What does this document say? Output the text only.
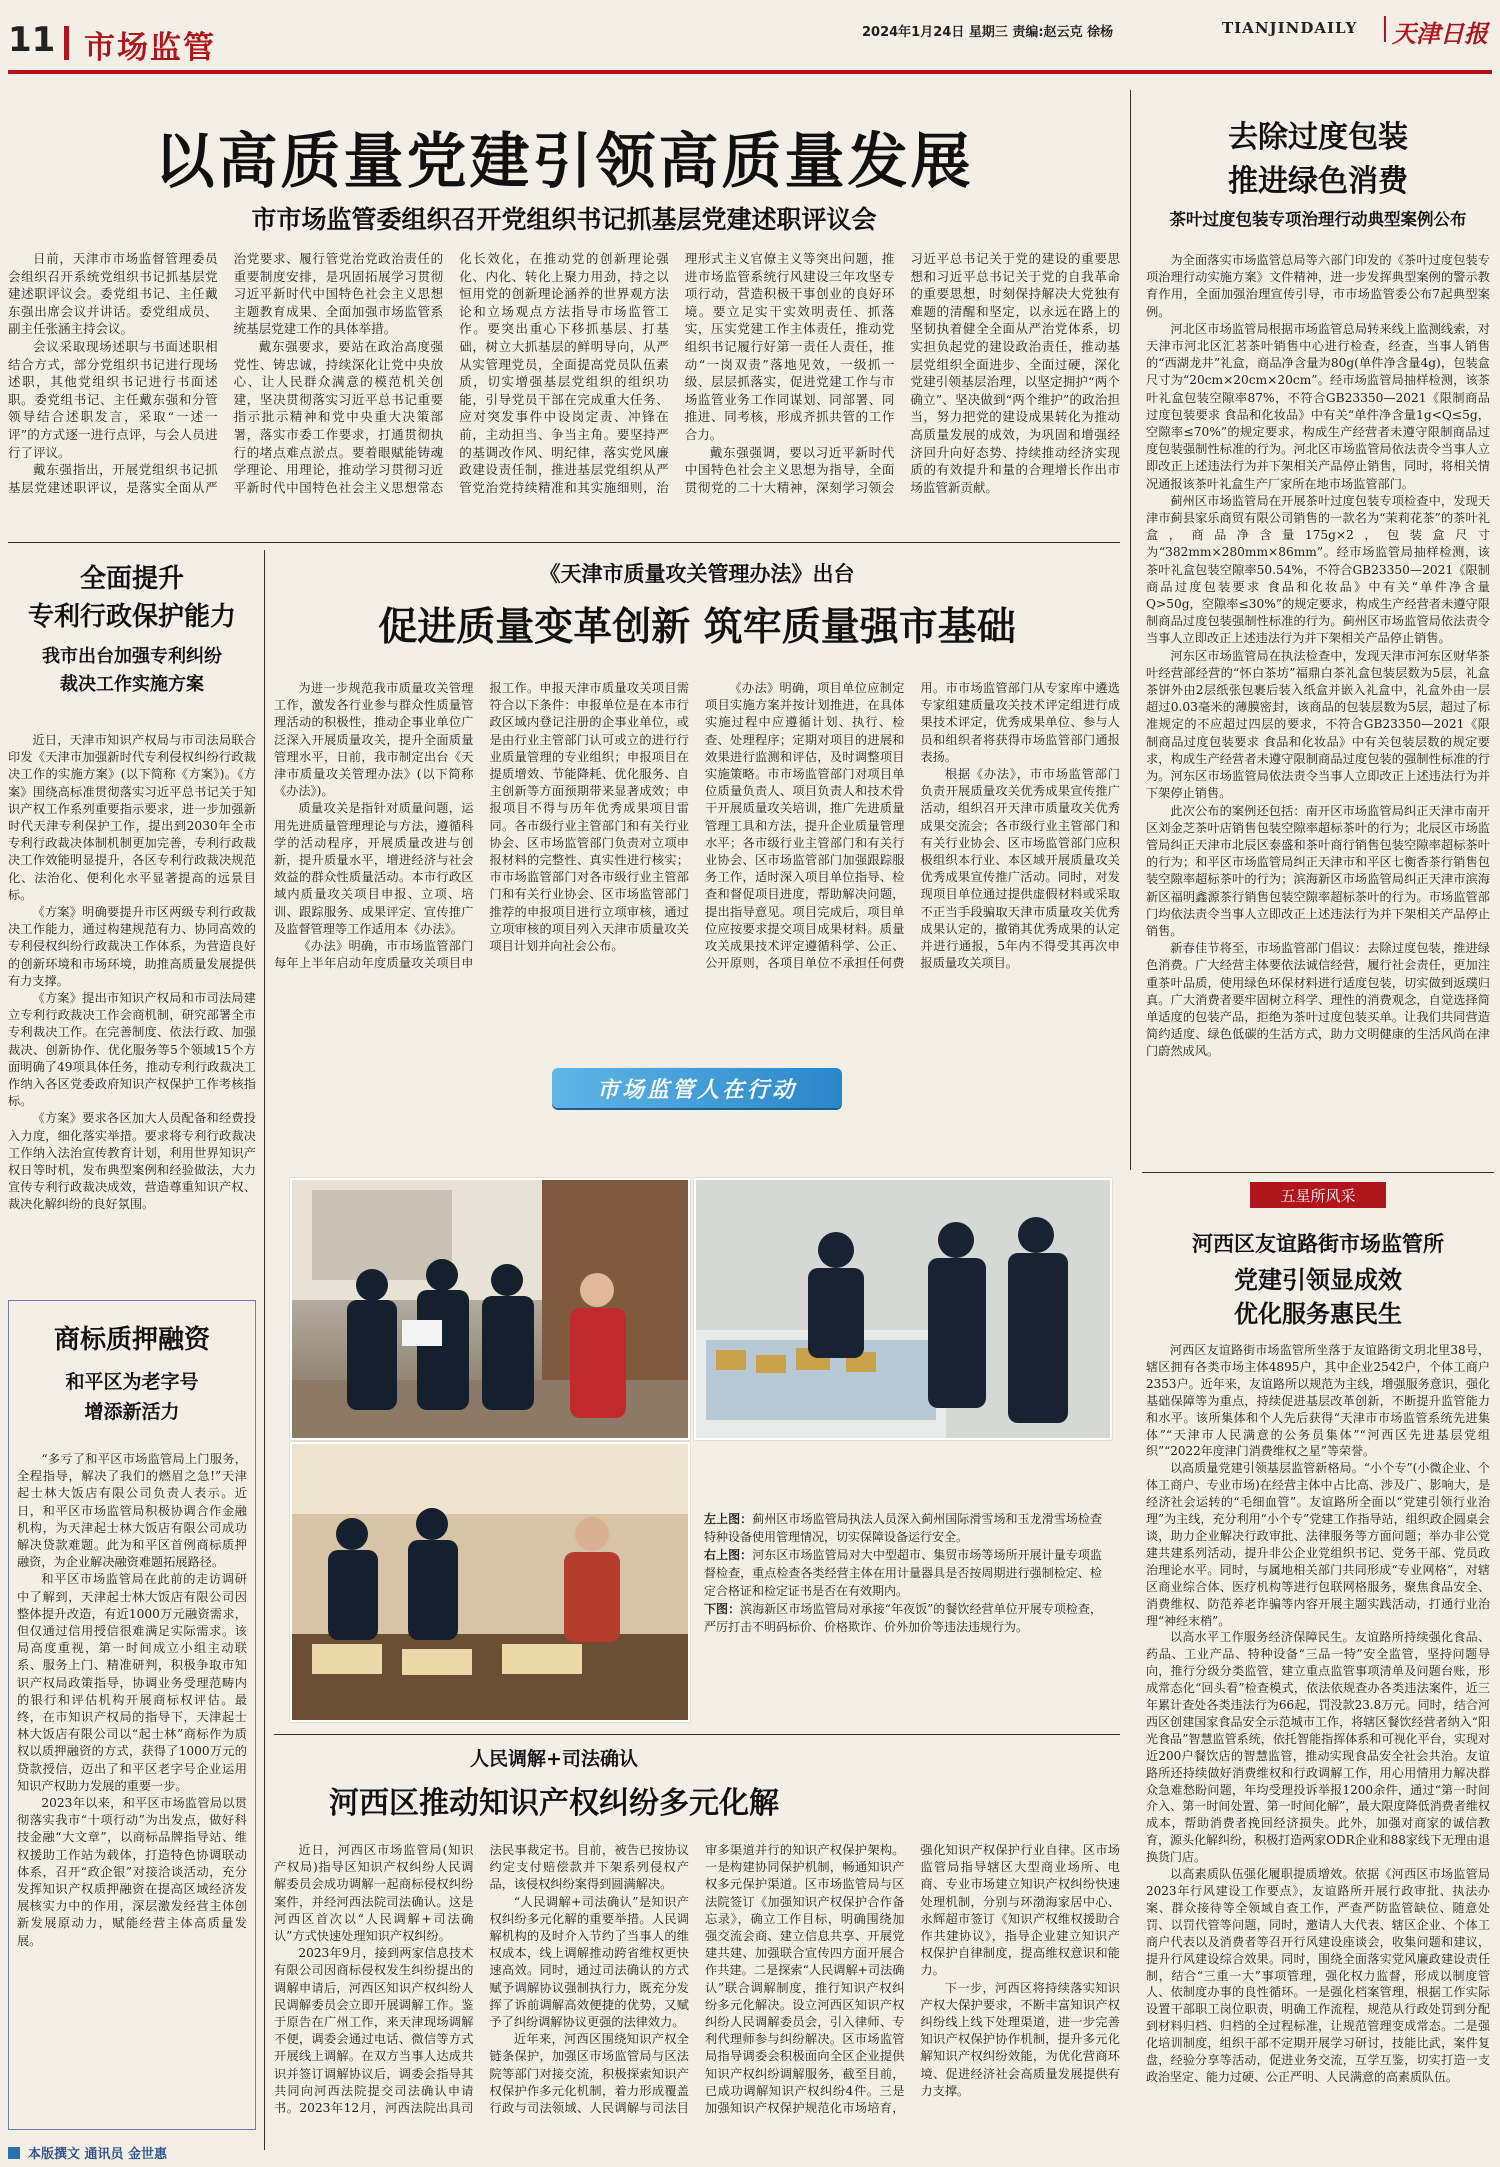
11 市场监管	2024年1月24日 星期三 责编:赵云克 徐杨	TIANJINDAILY 天津日报
以高质量党建引领高质量发展
市市场监管委组织召开党组织书记抓基层党建述职评议会

日前，天津市市场监督管理委员会组织召开系统党组织书记抓基层党建述职评议会。委党组书记、主任戴东强出席会议并讲话。委党组成员、副主任张涵主持会议。

会议采取现场述职与书面述职相结合方式，部分党组织书记进行现场述职，其他党组织书记进行书面述职。委党组书记、主任戴东强和分管领导结合述职发言，采取“一述一评”的方式逐一进行点评，与会人员进行了评议。

戴东强指出，开展党组织书记抓基层党建述职评议，是落实全面从严治党要求、履行管党治党政治责任的重要制度安排，是巩固拓展学习贯彻习近平新时代中国特色社会主义思想主题教育成果、全面加强市场监管系统基层党建工作的具体举措。

戴东强要求，要站在政治高度强党性、铸忠诚，持续深化让党中央放心、让人民群众满意的模范机关创建，坚决贯彻落实习近平总书记重要指示批示精神和党中央重大决策部署，落实市委工作要求，打通贯彻执行的堵点难点淤点。要着眼赋能铸魂学理论、用理论，推动学习贯彻习近平新时代中国特色社会主义思想常态化长效化，在推动党的创新理论强化、内化、转化上聚力用劲，持之以恒用党的创新理论涵养的世界观方法论和立场观点方法指导市场监管工作。要突出重心下移抓基层、打基础，树立大抓基层的鲜明导向，从严从实管理党员，全面提高党员队伍素质，切实增强基层党组织的组织功能，引导党员干部在完成重大任务、应对突发事件中设岗定责、冲锋在前，主动担当、争当主角。要坚持严的基调改作风、明纪律，落实党风廉政建设责任制，推进基层党组织从严管党治党持续精准和其实施细则，治理形式主义官僚主义等突出问题，推进市场监管系统行风建设三年攻坚专项行动，营造积极干事创业的良好环境。要立足实干实效明责任、抓落实，压实党建工作主体责任，推动党组织书记履行好第一责任人责任，推动“一岗双责”落地见效，一级抓一级、层层抓落实，促进党建工作与市场监管业务工作同谋划、同部署、同推进、同考核，形成齐抓共管的工作合力。

戴东强强调，要以习近平新时代中国特色社会主义思想为指导，全面贯彻党的二十大精神，深刻学习领会习近平总书记关于党的建设的重要思想和习近平总书记关于党的自我革命的重要思想，时刻保持解决大党独有难题的清醒和坚定，以永远在路上的坚韧执着健全全面从严治党体系，切实担负起党的建设政治责任，推动基层党组织全面进步、全面过硬，深化党建引领基层治理，以坚定拥护“两个确立”、坚决做到“两个维护”的政治担当，努力把党的建设成果转化为推动高质量发展的成效，为巩固和增强经济回升向好态势、持续推动经济实现质的有效提升和量的合理增长作出市场监管新贡献。

去除过度包装
推进绿色消费
茶叶过度包装专项治理行动典型案例公布

为全面落实市场监管总局等六部门印发的《茶叶过度包装专项治理行动实施方案》文件精神，进一步发挥典型案例的警示教育作用，全面加强治理宣传引导，市市场监管委公布7起典型案例。

河北区市场监管局根据市场监管总局转来线上监测线索，对天津市河北区汇茗茶叶销售中心进行检查，经查，当事人销售的“西湖龙井”礼盒，商品净含量为80g(单件净含量4g)，包装盒尺寸为“20cm×20cm×20cm”。经市场监管局抽样检测，该茶叶礼盒包装空隙率87%，不符合GB23350—2021《限制商品过度包装要求 食品和化妆品》中有关“单件净含量1g<Q≤5g，空隙率≤70%”的规定要求，构成生产经营者未遵守限制商品过度包装强制性标准的行为。河北区市场监管局依法责令当事人立即改正上述违法行为并下架相关产品停止销售，同时，将相关情况通报该茶叶礼盒生产厂家所在地市场监管部门。

蓟州区市场监管局在开展茶叶过度包装专项检查中，发现天津市蓟县家乐商贸有限公司销售的一款名为“茉莉花茶”的茶叶礼盒，商品净含量175g×2，包装盒尺寸为“382mm×280mm×86mm”。经市场监管局抽样检测，该茶叶礼盒包装空隙率50.54%，不符合GB23350—2021《限制商品过度包装要求 食品和化妆品》中有关“单件净含量Q>50g，空隙率≤30%”的规定要求，构成生产经营者未遵守限制商品过度包装强制性标准的行为。蓟州区市场监管局依法责令当事人立即改正上述违法行为并下架相关产品停止销售。

河东区市场监管局在执法检查中，发现天津市河东区财华茶叶经营部经营的“怀白茶坊”福鼎白茶礼盒包装层数为5层，礼盒茶饼外由2层纸张包裹后装入纸盒并嵌入礼盒中，礼盒外由一层超过0.03毫米的薄膜密封，该商品的包装层数为5层，超过了标准规定的不应超过四层的要求，不符合GB23350—2021《限制商品过度包装要求 食品和化妆品》中有关包装层数的规定要求，构成生产经营者未遵守限制商品过度包装的强制性标准的行为。河东区市场监管局依法责令当事人立即改正上述违法行为并下架停止销售。

此次公布的案例还包括：南开区市场监管局纠正天津市南开区刘金芝茶叶店销售包装空隙率超标茶叶的行为；北辰区市场监管局纠正天津市北辰区泰盛和茶叶商行销售包装空隙率超标茶叶的行为；和平区市场监管局纠正天津市和平区七衡香茶行销售包装空隙率超标茶叶的行为；滨海新区市场监管局纠正天津市滨海新区福明鑫源茶行销售包装空隙率超标茶叶的行为。市场监管部门均依法责令当事人立即改正上述违法行为并下架相关产品停止销售。

新春佳节将至，市场监管部门倡议：去除过度包装，推进绿色消费。广大经营主体要依法诚信经营，履行社会责任，更加注重茶叶品质，使用绿色环保材料进行适度包装，切实做到返璞归真。广大消费者要牢固树立科学、理性的消费观念，自觉选择简单适度的包装产品，拒绝为茶叶过度包装买单。让我们共同营造简约适度、绿色低碳的生活方式，助力文明健康的生活风尚在津门蔚然成风。

全面提升
专利行政保护能力
我市出台加强专利纠纷
裁决工作实施方案

近日，天津市知识产权局与市司法局联合印发《天津市加强新时代专利侵权纠纷行政裁决工作的实施方案》(以下简称《方案》)。《方案》围绕高标准贯彻落实习近平总书记关于知识产权工作系列重要指示要求，进一步加强新时代天津专利保护工作，提出到2030年全市专利行政裁决体制机制更加完善，专利行政裁决工作效能明显提升，各区专利行政裁决规范化、法治化、便利化水平显著提高的远景目标。

《方案》明确要提升市区两级专利行政裁决工作能力，通过构建规范有力、协同高效的专利侵权纠纷行政裁决工作体系，为营造良好的创新环境和市场环境，助推高质量发展提供有力支撑。

《方案》提出市知识产权局和市司法局建立专利行政裁决工作会商机制，研究部署全市专利裁决工作。在完善制度、依法行政、加强裁决、创新协作、优化服务等5个领域15个方面明确了49项具体任务，推动专利行政裁决工作纳入各区党委政府知识产权保护工作考核指标。

《方案》要求各区加大人员配备和经费投入力度，细化落实举措。要求将专利行政裁决工作纳入法治宣传教育计划，利用世界知识产权日等时机，发布典型案例和经验做法，大力宣传专利行政裁决成效，营造尊重知识产权、裁决化解纠纷的良好氛围。

《天津市质量攻关管理办法》出台
促进质量变革创新 筑牢质量强市基础

为进一步规范我市质量攻关管理工作，激发各行业参与群众性质量管理活动的积极性，推动企事业单位广泛深入开展质量攻关，提升全面质量管理水平，日前，我市制定出台《天津市质量攻关管理办法》(以下简称《办法》)。

质量攻关是指针对质量问题，运用先进质量管理理论与方法，遵循科学的活动程序，开展质量改进与创新，提升质量水平，增进经济与社会效益的群众性质量活动。本市行政区域内质量攻关项目申报、立项、培训、跟踪服务、成果评定、宣传推广及监督管理等工作适用本《办法》。

《办法》明确，市市场监管部门每年上半年启动年度质量攻关项目申报工作。申报天津市质量攻关项目需符合以下条件：申报单位是在本市行政区域内登记注册的企事业单位，或是由行业主管部门认可或立的进行行业质量管理的专业组织；申报项目在提质增效、节能降耗、优化服务、自主创新等方面预期带来显著成效；申报项目不得与历年优秀成果项目雷同。各市级行业主管部门和有关行业协会、区市场监管部门负责对立项申报材料的完整性、真实性进行核实；市市场监管部门对各市级行业主管部门和有关行业协会、区市场监管部门推荐的申报项目进行立项审核，通过立项审核的项目列入天津市质量攻关项目计划并向社会公布。

《办法》明确，项目单位应制定项目实施方案并按计划推进，在具体实施过程中应遵循计划、执行、检查、处理程序；定期对项目的进展和效果进行监测和评估，及时调整项目实施策略。市市场监管部门对项目单位质量负责人、项目负责人和技术骨干开展质量攻关培训，推广先进质量管理工具和方法，提升企业质量管理水平；各市级行业主管部门和有关行业协会、区市场监管部门加强跟踪服务工作，适时深入项目单位指导、检查和督促项目进度，帮助解决问题，提出指导意见。项目完成后，项目单位应按要求提交项目成果材料。质量攻关成果技术评定遵循科学、公正、公开原则，各项目单位不承担任何费用。市市场监管部门从专家库中遴选专家组建质量攻关技术评定组进行成果技术评定，优秀成果单位、参与人员和组织者将获得市场监管部门通报表扬。

根据《办法》，市市场监管部门负责开展质量攻关优秀成果宣传推广活动，组织召开天津市质量攻关优秀成果交流会；各市级行业主管部门和有关行业协会、区市场监管部门应积极组织本行业、本区域开展质量攻关优秀成果宣传推广活动。同时，对发现项目单位通过提供虚假材料或采取不正当手段骗取天津市质量攻关优秀成果认定的，撤销其优秀成果的认定并进行通报，5年内不得受其再次申报质量攻关项目。

市场监管人在行动
左上图：蓟州区市场监管局执法人员深入蓟州国际滑雪场和玉龙滑雪场检查特种设备使用管理情况，切实保障设备运行安全。
右上图：河东区市场监管局对大中型超市、集贸市场等场所开展计量专项监督检查，重点检查各类经营主体在用计量器具是否按周期进行强制检定、检定合格证和检定证书是否在有效期内。
下图：滨海新区市场监管局对承接“年夜饭”的餐饮经营单位开展专项检查，严厉打击不明码标价、价格欺诈、价外加价等违法违规行为。
商标质押融资
和平区为老字号
增添新活力

“多亏了和平区市场监管局上门服务，全程指导，解决了我们的燃眉之急!”天津起士林大饭店有限公司负责人表示。近日，和平区市场监管局积极协调合作金融机构，为天津起士林大饭店有限公司成功解决贷款难题。此为和平区首例商标质押融资，为企业解决融资难题拓展路径。

和平区市场监管局在此前的走访调研中了解到，天津起士林大饭店有限公司因整体提升改造，有近1000万元融资需求，但仅通过信用授信很难满足实际需求。该局高度重视，第一时间成立小组主动联系、服务上门、精准研判，积极争取市知识产权局政策指导，协调业务受理范畴内的银行和评估机构开展商标权评估。最终，在市知识产权局的指导下，天津起士林大饭店有限公司以“起士林”商标作为质权以质押融资的方式，获得了1000万元的贷款授信，迈出了和平区老字号企业运用知识产权助力发展的重要一步。

2023年以来，和平区市场监管局以贯彻落实我市“十项行动”为出发点，做好科技金融“大文章”，以商标品牌指导站、维权援助工作站为载体，打造特色协调联动体系，召开“政企银”对接洽谈活动，充分发挥知识产权质押融资在提高区域经济发展核实力中的作用，深层激发经营主体创新发展原动力，赋能经营主体高质量发展。

人民调解+司法确认
河西区推动知识产权纠纷多元化解

近日，河西区市场监管局(知识产权局)指导区知识产权纠纷人民调解委员会成功调解一起商标侵权纠纷案件，并经河西法院司法确认。这是河西区首次以“人民调解+司法确认”方式快速处理知识产权纠纷。

2023年9月，接到两家信息技术有限公司因商标侵权发生纠纷提出的调解申请后，河西区知识产权纠纷人民调解委员会立即开展调解工作。鉴于原告在广州工作，来天津现场调解不便，调委会通过电话、微信等方式开展线上调解。在双方当事人达成共识并签订调解协议后，调委会指导其共同向河西法院提交司法确认申请书。2023年12月，河西法院出具司法民事裁定书。目前，被告已按协议约定支付赔偿款并下架系列侵权产品，该侵权纠纷案得到圆满解决。

“人民调解+司法确认”是知识产权纠纷多元化解的重要举措。人民调解机构的及时介入节约了当事人的维权成本，线上调解推动跨省维权更快速高效。同时，通过司法确认的方式赋予调解协议强制执行力，既充分发挥了诉前调解高效便捷的优势，又赋予了纠纷调解协议更强的法律效力。

近年来，河西区围绕知识产权全链条保护，加强区市场监管局与区法院等部门对接交流，积极探索知识产权保护作多元化机制，着力形成覆盖行政与司法领域、人民调解与司法目审多渠道并行的知识产权保护架构。一是构建协同保护机制，畅通知识产权多元保护渠道。区市场监管局与区法院签订《加强知识产权保护合作备忘录》，确立工作目标，明确围绕加强交流会商、建立信息共享、开展党建共建、加强联合宣传四方面开展合作共建。二是探索“人民调解+司法确认”联合调解制度，推行知识产权纠纷多元化解决。设立河西区知识产权纠纷人民调解委员会，引入律师、专利代理师参与纠纷解决。区市场监管局指导调委会积极面向全区企业提供知识产权纠纷调解服务，截至目前，已成功调解知识产权纠纷4件。三是加强知识产权保护规范化市场培育，强化知识产权保护行业自律。区市场监管局指导辖区大型商业场所、电商、专业市场建立知识产权纠纷快速处理机制，分别与环渤海家居中心、永辉超市签订《知识产权维权援助合作共建协议》，指导企业建立知识产权保护自律制度，提高维权意识和能力。

下一步，河西区将持续落实知识产权大保护要求，不断丰富知识产权纠纷线上线下处理渠道，进一步完善知识产权保护协作机制，提升多元化解知识产权纠纷效能，为优化营商环境、促进经济社会高质量发展提供有力支撑。

五星所风采
河西区友谊路街市场监管所
党建引领显成效
优化服务惠民生

河西区友谊路街市场监管所坐落于友谊路街文玥北里38号，辖区拥有各类市场主体4895户，其中企业2542户，个体工商户2353户。近年来，友谊路所以规范为主线，增强服务意识，强化基础保障等为重点，持续促进基层改革创新，不断提升监管能力和水平。该所集体和个人先后获得“天津市市场监管系统先进集体”“天津市人民满意的公务员集体”“河西区先进基层党组织”“2022年度津门消费维权之星”等荣誉。

以高质量党建引领基层监管新格局。“小个专”(小微企业、个体工商户、专业市场)在经营主体中占比高、涉及广、影响大，是经济社会运转的“毛细血管”。友谊路所全面以“党建引领行业治理”为主线，充分利用“小个专”党建工作指导站，组织政企圆桌会谈，助力企业解决行政审批、法律服务等方面问题；举办非公党建共建系列活动，提升非公企业党组织书记、党务干部、党员政治理论水平。同时，与属地相关部门共同形成“专业网格”，对辖区商业综合体、医疗机构等进行包联网格服务，聚焦食品安全、消费维权、防范养老诈骗等内容开展主题实践活动，打通行业治理“神经末梢”。

以高水平工作服务经济保障民生。友谊路所持续强化食品、药品、工业产品、特种设备“三品一特”安全监管，坚持问题导向，推行分级分类监管，建立重点监管事项清单及问题台账，形成常态化“回头看”检查模式，依法依规查办各类违法案件，近三年累计查处各类违法行为66起，罚没款23.8万元。同时，结合河西区创建国家食品安全示范城市工作，将辖区餐饮经营者纳入“阳光食品”智慧监管系统，依托智能指挥体系和可视化平台，实现对近200户餐饮店的智慧监管，推动实现食品安全社会共治。友谊路所还持续做好消费维权和行政调解工作，用心用情用力解决群众急难愁盼问题，年均受理投诉举报1200余件，通过“第一时间介入、第一时间处置、第一时间化解”，最大限度降低消费者维权成本，帮助消费者挽回经济损失。此外，加强对商家的诚信教育，源头化解纠纷，积极打造两家ODR企业和88家线下无理由退换货门店。

以高素质队伍强化履职提质增效。依据《河西区市场监管局2023年行风建设工作要点》，友谊路所开展行政审批、执法办案、群众接待等全领域自查工作，严查严防监管缺位、随意处罚、以罚代管等问题，同时，邀请人大代表、辖区企业、个体工商户代表以及消费者等召开行风建设座谈会，收集问题和建议，提升行风建设综合效果。同时，围绕全面落实党风廉政建设责任制，结合“三重一大”事项管理，强化权力监督，形成以制度管人、依制度办事的良性循环。一是强化档案管理，根据工作实际设置干部职工岗位职责，明确工作流程，规范从行政处罚到分配到材料归档、归档的全过程标准，让规范管理变成常态。二是强化培训制度，组织干部不定期开展学习研讨，技能比武，案件复盘，经验分享等活动，促进业务交流，互学互鉴，切实打造一支政治坚定、能力过硬、公正严明、人民满意的高素质队伍。

本版撰文 通讯员 金世惠
